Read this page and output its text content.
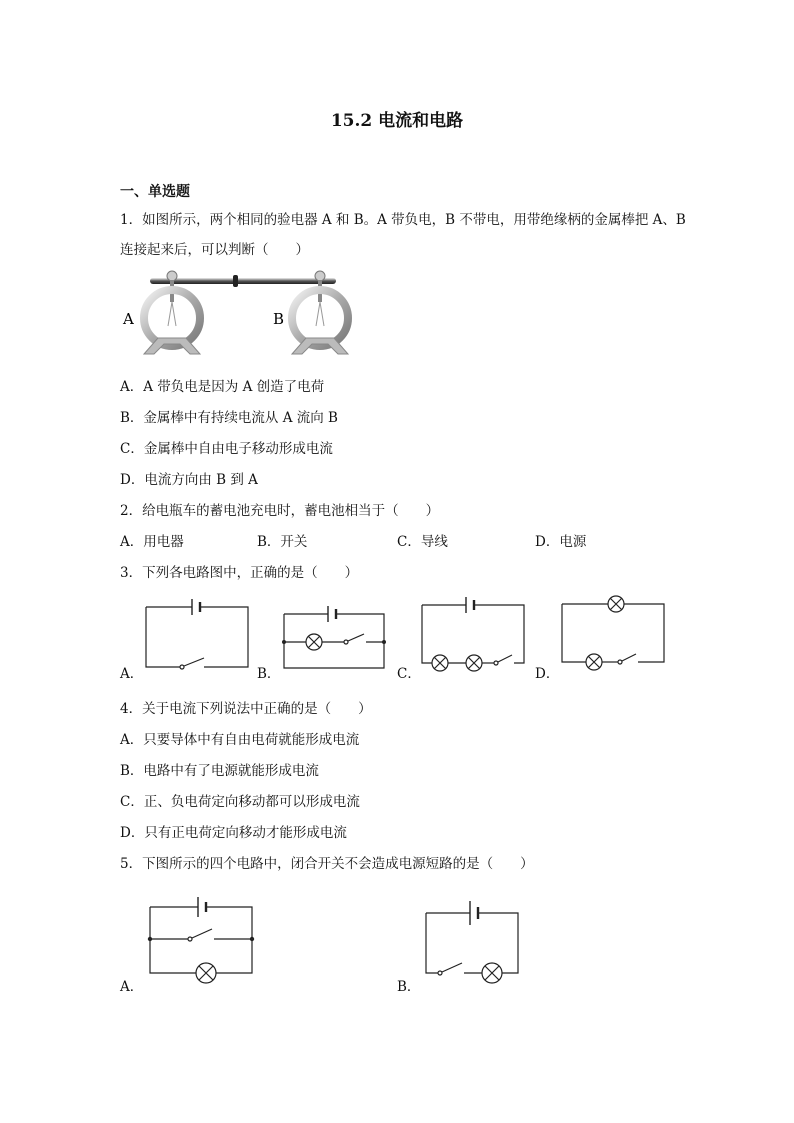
15.2 电流和电路
一、单选题
1．如图所示，两个相同的验电器 A 和 B。A 带负电，B 不带电，用带绝缘柄的金属棒把 A、B
连接起来后，可以判断（　　）
A	B
A．A 带负电是因为 A 创造了电荷
B．金属棒中有持续电流从 A 流向 B
C．金属棒中自由电子移动形成电流
D．电流方向由 B 到 A
2．给电瓶车的蓄电池充电时，蓄电池相当于（　　）
A．用电器	B．开关	C．导线	D．电源
3．下列各电路图中，正确的是（　　）
A．	B．	C．	D．
4．关于电流下列说法中正确的是（　　）
A．只要导体中有自由电荷就能形成电流
B．电路中有了电源就能形成电流
C．正、负电荷定向移动都可以形成电流
D．只有正电荷定向移动才能形成电流
5．下图所示的四个电路中，闭合开关不会造成电源短路的是（　　）
A．	B．
